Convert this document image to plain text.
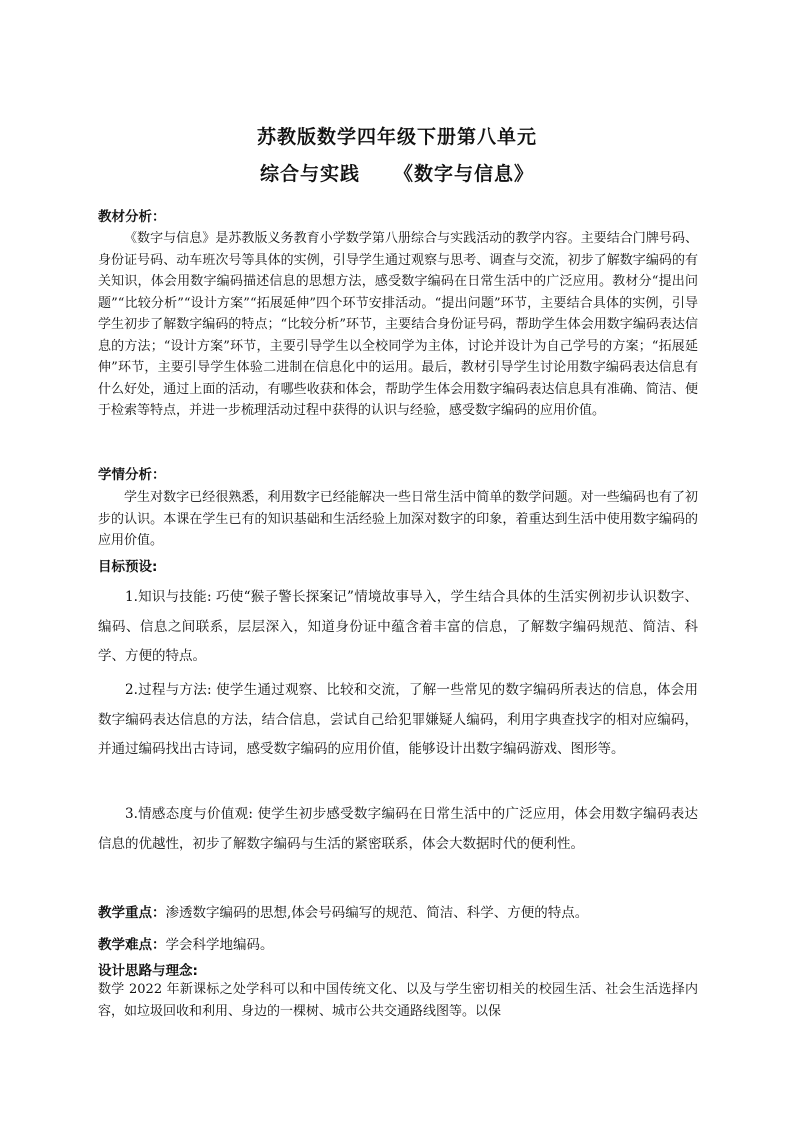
苏教版数学四年级下册第八单元
综合与实践 《数字与信息》
教材分析：
《数字与信息》是苏教版义务教育小学数学第八册综合与实践活动的教学内容。主要结合门牌号码、身份证号码、动车班次号等具体的实例，引导学生通过观察与思考、调查与交流，初步了解数字编码的有关知识，体会用数字编码描述信息的思想方法，感受数字编码在日常生活中的广泛应用。教材分“提出问题”“比较分析”“设计方案”“拓展延伸”四个环节安排活动。“提出问题”环节，主要结合具体的实例，引导学生初步了解数字编码的特点；“比较分析”环节，主要结合身份证号码，帮助学生体会用数字编码表达信息的方法；“设计方案”环节，主要引导学生以全校同学为主体，讨论并设计为自己学号的方案；“拓展延伸”环节，主要引导学生体验二进制在信息化中的运用。最后，教材引导学生讨论用数字编码表达信息有什么好处，通过上面的活动，有哪些收获和体会，帮助学生体会用数字编码表达信息具有准确、简洁、便于检索等特点，并进一步梳理活动过程中获得的认识与经验，感受数字编码的应用价值。
学情分析：
学生对数字已经很熟悉，利用数字已经能解决一些日常生活中简单的数学问题。对一些编码也有了初步的认识。本课在学生已有的知识基础和生活经验上加深对数字的印象，着重达到生活中使用数字编码的应用价值。
目标预设:
1.知识与技能: 巧使“猴子警长探案记”情境故事导入，学生结合具体的生活实例初步认识数字、编码、信息之间联系，层层深入，知道身份证中蕴含着丰富的信息，了解数字编码规范、简洁、科学、方便的特点。
2.过程与方法: 使学生通过观察、比较和交流，了解一些常见的数字编码所表达的信息，体会用数字编码表达信息的方法，结合信息，尝试自己给犯罪嫌疑人编码，利用字典查找字的相对应编码，并通过编码找出古诗词，感受数字编码的应用价值，能够设计出数字编码游戏、图形等。
3.情感态度与价值观: 使学生初步感受数字编码在日常生活中的广泛应用，体会用数字编码表达信息的优越性，初步了解数字编码与生活的紧密联系，体会大数据时代的便利性。
教学重点：渗透数字编码的思想,体会号码编写的规范、简洁、科学、方便的特点。
教学难点：学会科学地编码。
设计思路与理念:
数学 2022 年新课标之处学科可以和中国传统文化、以及与学生密切相关的校园生活、社会生活选择内容，如垃圾回收和利用、身边的一棵树、城市公共交通路线图等。以保
